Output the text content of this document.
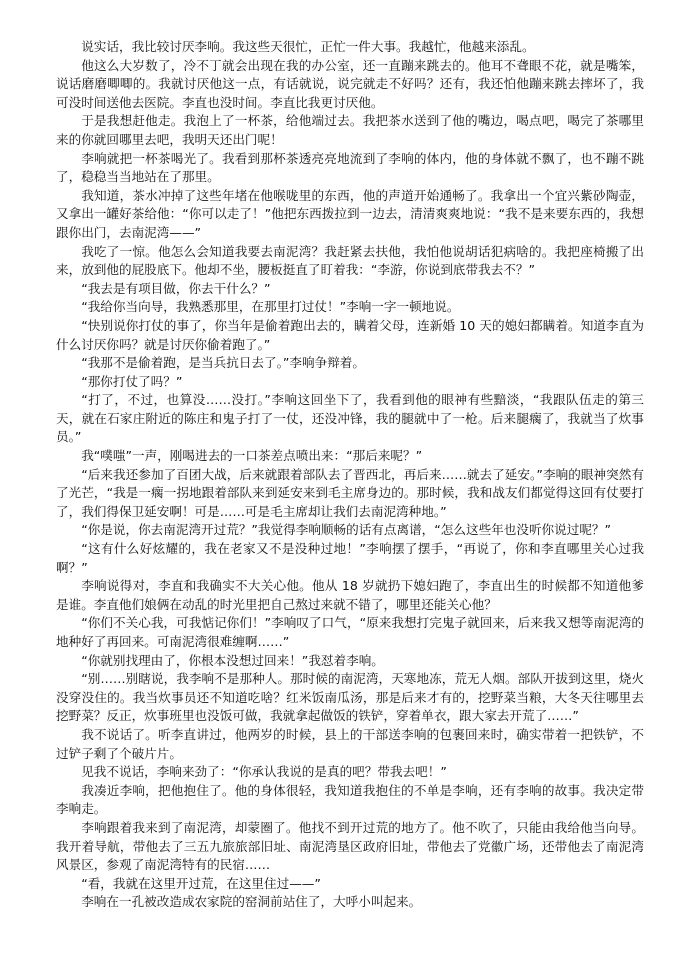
说实话，我比较讨厌李响。我这些天很忙，正忙一件大事。我越忙，他越来添乱。

他这么大岁数了，冷不丁就会出现在我的办公室，还一直蹦来跳去的。他耳不聋眼不花，就是嘴笨，说话磨磨唧唧的。我就讨厌他这一点，有话就说，说完就走不好吗？还有，我还怕他蹦来跳去摔坏了，我可没时间送他去医院。李直也没时间。李直比我更讨厌他。

于是我想赶他走。我泡上了一杯茶，给他端过去。我把茶水送到了他的嘴边，喝点吧，喝完了茶哪里来的你就回哪里去吧，我明天还出门呢！

李响就把一杯茶喝光了。我看到那杯茶透亮亮地流到了李响的体内，他的身体就不飘了，也不蹦不跳了，稳稳当当地站在了那里。

我知道，茶水冲掉了这些年堵在他喉咙里的东西，他的声道开始通畅了。我拿出一个宜兴紫砂陶壶，又拿出一罐好茶给他：“你可以走了！”他把东西拨拉到一边去，清清爽爽地说：“我不是来要东西的，我想跟你出门，去南泥湾——”

我吃了一惊。他怎么会知道我要去南泥湾？我赶紧去扶他，我怕他说胡话犯病啥的。我把座椅搬了出来，放到他的屁股底下。他却不坐，腰板挺直了盯着我：“李游，你说到底带我去不？”

“我去是有项目做，你去干什么？”

“我给你当向导，我熟悉那里，在那里打过仗！”李响一字一顿地说。

“快别说你打仗的事了，你当年是偷着跑出去的，瞒着父母，连新婚 10 天的媳妇都瞒着。知道李直为什么讨厌你吗？就是讨厌你偷着跑了。”

“我那不是偷着跑，是当兵抗日去了。”李响争辩着。

“那你打仗了吗？”

“打了，不过，也算没……没打。”李响这回坐下了，我看到他的眼神有些黯淡，“我跟队伍走的第三天，就在石家庄附近的陈庄和鬼子打了一仗，还没冲锋，我的腿就中了一枪。后来腿瘸了，我就当了炊事员。”

我“噗嗤”一声，刚喝进去的一口茶差点喷出来：“那后来呢？”

“后来我还参加了百团大战，后来就跟着部队去了晋西北，再后来……就去了延安。”李响的眼神突然有了光芒，“我是一瘸一拐地跟着部队来到延安来到毛主席身边的。那时候，我和战友们都觉得这回有仗要打了，我们得保卫延安啊！可是……可是毛主席却让我们去南泥湾种地。”

“你是说，你去南泥湾开过荒？”我觉得李响顺畅的话有点离谱，“怎么这些年也没听你说过呢？”

“这有什么好炫耀的，我在老家又不是没种过地！”李响摆了摆手，“再说了，你和李直哪里关心过我啊？”

李响说得对，李直和我确实不大关心他。他从 18 岁就扔下媳妇跑了，李直出生的时候都不知道他爹是谁。李直他们娘俩在动乱的时光里把自己熬过来就不错了，哪里还能关心他？

“你们不关心我，可我惦记你们！”李响叹了口气，“原来我想打完鬼子就回来，后来我又想等南泥湾的地种好了再回来。可南泥湾很难缠啊……”

“你就别找理由了，你根本没想过回来！”我怼着李响。

“别……别瞎说，我李响不是那种人。那时候的南泥湾，天寒地冻，荒无人烟。部队开拔到这里，烧火没穿没住的。我当炊事员还不知道吃啥？红米饭南瓜汤，那是后来才有的，挖野菜当粮，大冬天往哪里去挖野菜？反正，炊事班里也没饭可做，我就拿起做饭的铁铲，穿着单衣，跟大家去开荒了……”

我不说话了。听李直讲过，他两岁的时候，县上的干部送李响的包裹回来时，确实带着一把铁铲，不过铲子剩了个破片片。

见我不说话，李响来劲了：“你承认我说的是真的吧？带我去吧！”

我凑近李响，把他抱住了。他的身体很轻，我知道我抱住的不单是李响，还有李响的故事。我决定带李响走。

李响跟着我来到了南泥湾，却蒙圈了。他找不到开过荒的地方了。他不吹了，只能由我给他当向导。我开着导航，带他去了三五九旅旅部旧址、南泥湾垦区政府旧址，带他去了党徽广场，还带他去了南泥湾风景区，参观了南泥湾特有的民宿……

“看，我就在这里开过荒，在这里住过——”

李响在一孔被改造成农家院的窑洞前站住了，大呼小叫起来。
